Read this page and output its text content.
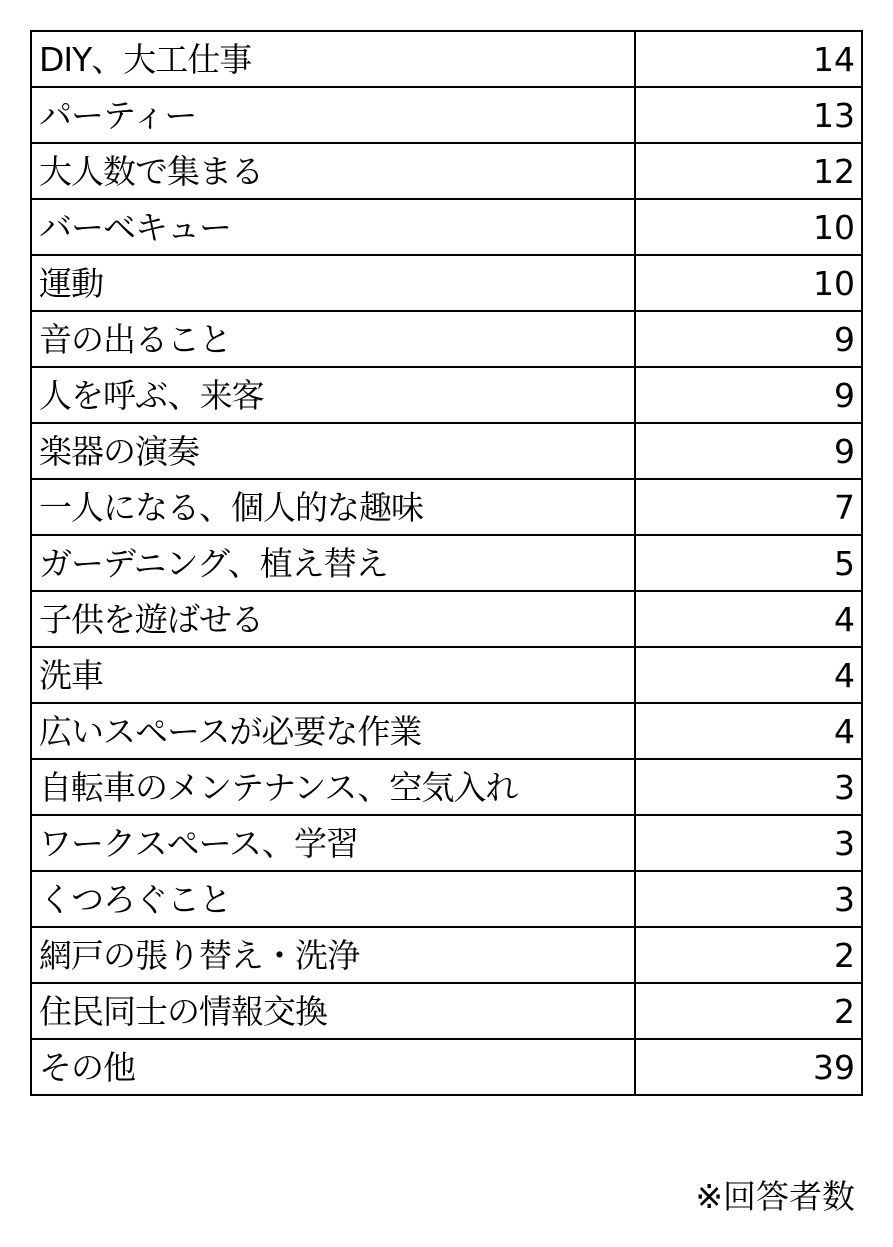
DIY、大工仕事	14
パーティー	13
大人数で集まる	12
バーベキュー	10
運動	10
音の出ること	9
人を呼ぶ、来客	9
楽器の演奏	9
一人になる、個人的な趣味	7
ガーデニング、植え替え	5
子供を遊ばせる	4
洗車	4
広いスペースが必要な作業	4
自転車のメンテナンス、空気入れ	3
ワークスペース、学習	3
くつろぐこと	3
網戸の張り替え・洗浄	2
住民同士の情報交換	2
その他	39
※回答者数
